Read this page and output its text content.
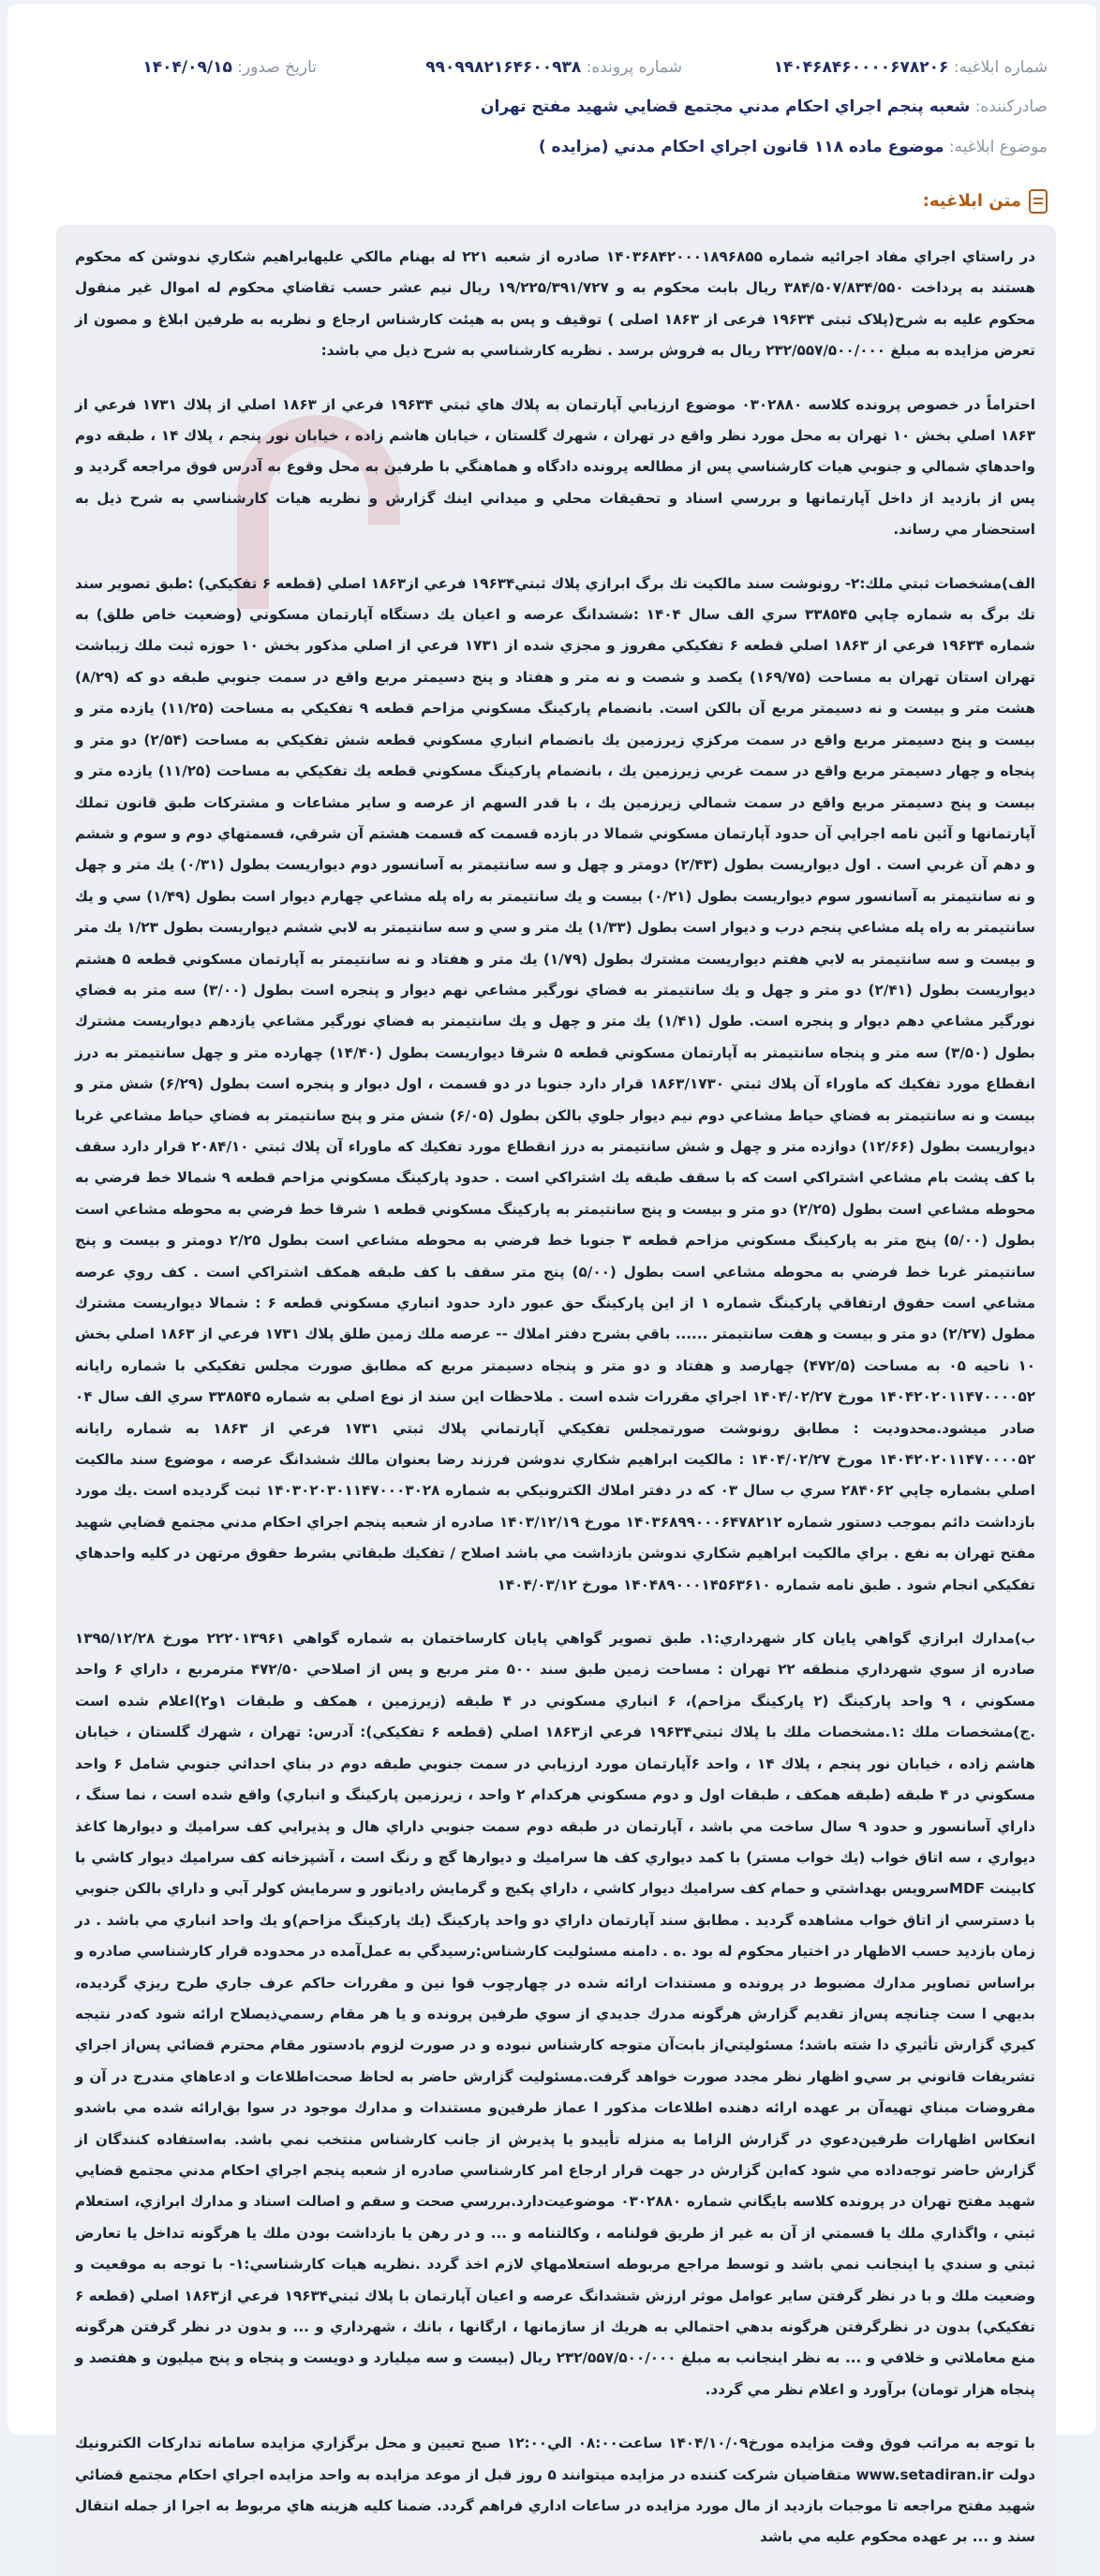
شماره ابلاغيه: ۱۴۰۴۶۸۴۶۰۰۰۰۶۷۸۲۰۶
شماره پرونده: ۹۹۰۹۹۸۲۱۶۴۶۰۰۹۳۸
تاريخ صدور: ۱۴۰۴/۰۹/۱۵
صادركننده: شعبه پنجم اجراي احكام مدني مجتمع قضايي شهيد مفتح تهران
موضوع ابلاغيه: موضوع ماده ۱۱۸ قانون اجراي احكام مدني (مزايده )
متن ابلاغيه:

در راستاي اجراي مفاد اجرائيه شماره ۱۴۰۳۶۸۴۲۰۰۰۱۸۹۶۸۵۵ صادره از شعبه ۲۲۱ له بهنام مالكي عليهابراهيم شكاري ندوشن كه محكوم هستند به پرداخت ۳۸۴/۵۰۷/۸۳۴/۵۵۰ ريال بابت محكوم به و ۱۹/۲۲۵/۳۹۱/۷۲۷ ريال نيم عشر حسب تقاضاي محكوم له اموال غير منقول محكوم عليه به شرح(پلاک ثبتی ۱۹۶۳۴ فرعی از ۱۸۶۳ اصلی ) توقيف و پس به هيئت كارشناس ارجاع و نظريه به طرفين ابلاغ و مصون از تعرض مزايده به مبلغ ۲۳۲/۵۵۷/۵۰۰/۰۰۰ ريال به فروش برسد . نظريه كارشناسي به شرح ذيل مي باشد:

احتراماً در خصوص پرونده كلاسه ۰۳۰۲۸۸۰ موضوع ارزيابي آپارتمان به پلاك هاي ثبتي ۱۹۶۳۴ فرعي از ۱۸۶۳ اصلي از پلاك ۱۷۳۱ فرعي از ۱۸۶۳ اصلي بخش ۱۰ تهران به محل مورد نظر واقع در تهران ، شهرك گلستان ، خيابان هاشم زاده ، خيابان نور پنجم ، پلاك ۱۴ ، طبقه دوم واحدهاي شمالي و جنوبي هيات كارشناسي پس از مطالعه پرونده دادگاه و هماهنگي با طرفين به محل وقوع به آدرس فوق مراجعه گرديد و پس از بازديد از داخل آپارتمانها و بررسي اسناد و تحقيقات محلي و ميداني اينك گزارش و نظريه هيات كارشناسي به شرح ذيل به استحضار مي رساند.

الف)مشخصات ثبتي ملك:۲- رونوشت سند مالكيت تك برگ ابرازي پلاك ثبتي۱۹۶۳۴ فرعي از۱۸۶۳ اصلي (قطعه ۶ تفكيكي) :طبق تصوير سند تك برگ به شماره چاپي ۳۳۸۵۴۵ سري الف سال ۱۴۰۴ :ششدانگ عرصه و اعيان يك دستگاه آپارتمان مسكوني (وضعيت خاص طلق) به شماره ۱۹۶۳۴ فرعي از ۱۸۶۳ اصلي قطعه ۶ تفكيكي مفروز و مجزي شده از ۱۷۳۱ فرعي از اصلي مذكور بخش ۱۰ حوزه ثبت ملك زيباشت تهران استان تهران به مساحت (۱۶۹/۷۵) يكصد و شصت و نه متر و هفتاد و پنج دسيمتر مربع واقع در سمت جنوبي طبقه دو كه (۸/۲۹) هشت متر و بيست و نه دسيمتر مربع آن بالكن است. بانضمام پاركينگ مسكوني مزاحم قطعه ۹ تفكيكي به مساحت (۱۱/۲۵) يازده متر و بيست و پنج دسيمتر مربع واقع در سمت مركزي زيرزمين يك بانضمام انباري مسكوني قطعه شش تفكيكي به مساحت (۲/۵۴) دو متر و پنجاه و چهار دسيمتر مربع واقع در سمت غربي زيرزمين يك ، بانضمام پاركينگ مسكوني قطعه يك تفكيكي به مساحت (۱۱/۲۵) يازده متر و بيست و پنج دسيمتر مربع واقع در سمت شمالي زيرزمين يك ، با قدر السهم از عرصه و ساير مشاعات و مشتركات طبق قانون تملك آپارتمانها و آئين نامه اجرايي آن حدود آپارتمان مسكوني شمالا در بازده قسمت كه قسمت هشتم آن شرقي، قسمتهاي دوم و سوم و ششم و دهم آن غربي است . اول ديواريست بطول (۲/۴۳) دومتر و چهل و سه سانتيمتر به آسانسور دوم ديواريست بطول (۰/۳۱) يك متر و چهل و نه سانتيمتر به آسانسور سوم ديواريست بطول (۰/۲۱) بيست و يك سانتيمتر به راه پله مشاعي چهارم ديوار است بطول (۱/۴۹) سي و يك سانتيمتر به راه پله مشاعي پنجم درب و ديوار است بطول (۱/۳۳) يك متر و سي و سه سانتيمتر به لابي ششم ديواريست بطول ۱/۲۳ يك متر و بيست و سه سانتيمتر به لابي هفتم ديواريست مشترك بطول (۱/۷۹) يك متر و هفتاد و نه سانتيمتر به آپارتمان مسكوني قطعه ۵ هشتم ديواريست بطول (۲/۴۱) دو متر و چهل و يك سانتيمتر به فضاي نورگير مشاعي نهم ديوار و پنجره است بطول (۳/۰۰) سه متر به فضاي نورگير مشاعي دهم ديوار و پنجره است. طول (۱/۴۱) يك متر و چهل و يك سانتيمتر به فضاي نورگير مشاعي يازدهم ديواريست مشترك بطول (۳/۵۰) سه متر و پنجاه سانتيمتر به آپارتمان مسكوني قطعه ۵ شرقا ديواريست بطول (۱۴/۴۰) چهارده متر و چهل سانتيمتر به درز انقطاع مورد تفكيك كه ماوراء آن پلاك ثبتي ۱۸۶۳/۱۷۳۰ قرار دارد جنوبا در دو قسمت ، اول ديوار و پنجره است بطول (۶/۲۹) شش متر و بيست و نه سانتيمتر به فضاي حياط مشاعي دوم نيم ديوار جلوي بالكن بطول (۶/۰۵) شش متر و پنج سانتيمتر به فضاي حياط مشاعي غربا ديواريست بطول (۱۲/۶۶) دوازده متر و چهل و شش سانتيمتر به درز انقطاع مورد تفكيك كه ماوراء آن پلاك ثبتي ۲۰۸۴/۱۰ قرار دارد سقف با كف پشت بام مشاعي اشتراكي است كه با سقف طبقه يك اشتراكي است . حدود پاركينگ مسكوني مزاحم قطعه ۹ شمالا خط فرضي به محوطه مشاعي است بطول (۲/۲۵) دو متر و بيست و پنج سانتيمتر به پاركينگ مسكوني قطعه ۱ شرقا خط فرضي به محوطه مشاعي است بطول (۵/۰۰) پنج متر به پاركينگ مسكوني مزاحم قطعه ۳ جنوبا خط فرضي به محوطه مشاعي است بطول ۲/۲۵ دومتر و بيست و پنج سانتيمتر غربا خط فرضي به محوطه مشاعي است بطول (۵/۰۰) پنج متر سقف با كف طبقه همكف اشتراكي است . كف روي عرصه مشاعي است حقوق ارتفاقي پاركينگ شماره ۱ از اين پاركينگ حق عبور دارد حدود انباري مسكوني قطعه ۶ : شمالا ديواريست مشترك مطول (۲/۲۷) دو متر و بيست و هفت سانتيمتر ...... باقي بشرح دفتر املاك -- عرصه ملك زمين طلق پلاك ۱۷۳۱ فرعي از ۱۸۶۳ اصلي بخش ۱۰ ناحيه ۰۵ به مساحت (۴۷۲/۵) چهارصد و هفتاد و دو متر و پنجاه دسيمتر مربع كه مطابق صورت مجلس تفكيكي با شماره رايانه ۱۴۰۴۲۰۲۰۱۱۴۷۰۰۰۰۵۲ مورخ ۱۴۰۴/۰۲/۲۷ اجراي مقررات شده است . ملاحظات اين سند از نوع اصلي به شماره ۳۳۸۵۴۵ سري الف سال ۰۴ صادر ميشود.محدوديت : مطابق رونوشت صورتمجلس تفكيكي آپارتماني پلاك ثبتي ۱۷۳۱ فرعي از ۱۸۶۳ به شماره رايانه ۱۴۰۴۲۰۲۰۱۱۴۷۰۰۰۰۵۲ مورخ ۱۴۰۴/۰۲/۲۷ : مالكيت ابراهيم شكاري ندوشن فرزند رضا بعنوان مالك ششدانگ عرصه ، موضوع سند مالكيت اصلي بشماره چاپي ۲۸۴۰۶۲ سري ب سال ۰۳ كه در دفتر املاك الكترونيكي به شماره ۱۴۰۳۰۲۰۳۰۱۱۴۷۰۰۰۳۰۲۸ ثبت گرديده است .يك مورد بازداشت دائم بموجب دستور شماره ۱۴۰۳۶۸۹۹۰۰۰۶۴۷۸۲۱۲ مورخ ۱۴۰۳/۱۲/۱۹ صادره از شعبه پنجم اجراي احكام مدني مجتمع قضايي شهيد مفتح تهران به نفع . براي مالكيت ابراهيم شكاري ندوشن بازداشت مي باشد اصلاح / تفكيك طبقاتي بشرط حقوق مرتهن در كليه واحدهاي تفكيكي انجام شود . طبق نامه شماره ۱۴۰۴۸۹۰۰۰۱۴۵۶۳۶۱۰ مورخ ۱۴۰۴/۰۳/۱۲

ب)مدارك ابرازي گواهي پايان كار شهرداري:۱. طبق تصوير گواهي پايان كارساختمان به شماره گواهي ۲۲۲۰۱۳۹۶۱ مورخ ۱۳۹۵/۱۲/۲۸ صادره از سوي شهرداري منطقه ۲۲ تهران : مساحت زمين طبق سند ۵۰۰ متر مربع و پس از اصلاحي ۴۷۲/۵۰ مترمربع ، داراي ۶ واحد مسكوني ، ۹ واحد پاركينگ (۲ پاركينگ مزاحم)، ۶ انباري مسكوني در ۴ طبقه (زيرزمين ، همكف و طبقات ۱و۲)اعلام شده است .ج)مشخصات ملك :۱.مشخصات ملك با پلاك ثبتي۱۹۶۳۴ فرعي از۱۸۶۳ اصلي (قطعه ۶ تفكيكي): آدرس: تهران ، شهرك گلستان ، خيابان هاشم زاده ، خيابان نور پنجم ، پلاك ۱۴ ، واحد ۶آپارتمان مورد ارزيابي در سمت جنوبي طبقه دوم در بناي احداثي جنوبي شامل ۶ واحد مسكوني در ۴ طبقه (طبقه همكف ، طبقات اول و دوم مسكوني هركدام ۲ واحد ، زيرزمين پاركينگ و انباري) واقع شده است ، نما سنگ ، داراي آسانسور و حدود ۹ سال ساخت مي باشد ، آپارتمان در طبقه دوم سمت جنوبي داراي هال و پذيرايي كف سراميك و ديوارها كاغذ ديواري ، سه اتاق خواب (يك خواب مستر) با كمد ديواري كف ها سراميك و ديوارها گچ و رنگ است ، آشپزخانه كف سراميك ديوار كاشي با كابينت MDFسرويس بهداشتي و حمام كف سراميك ديوار كاشي ، داراي پكيج و گرمايش رادياتور و سرمايش كولر آبي و داراي بالكن جنوبي با دسترسي از اتاق خواب مشاهده گرديد . مطابق سند آپارتمان داراي دو واحد پاركينگ (يك پاركينگ مزاحم)و يك واحد انباري مي باشد . در زمان بازديد حسب الاظهار در اختيار محكوم له بود .ه . دامنه مسئوليت كارشناس:رسيدگي به عمل‌آمده در محدوده قرار كارشناسي صادره و براساس تصاوير مدارك مضبوط در پرونده و مستندات ارائه شده در چهارچوب قوا نين و مقررات حاكم عرف جاري طرح ريزي گرديده، بديهي ا ست چنانچه پس‌از تقديم گزارش هرگونه مدرك جديدي از سوي طرفين پرونده و يا هر مقام رسمي‌ذيصلاح ارائه شود كه‌در نتيجه كيري گزارش تأثيري دا شته باشد؛ مسئوليتي‌از بابت‌آن متوجه كارشناس نبوده و در صورت لزوم بادستور مقام محترم قضائي پس‌از اجراي تشريفات قانوني بر سي‌و اظهار نظر مجدد صورت خواهد گرفت.مسئوليت گزارش حاضر به لحاظ صحت‌اطلاعات و ادعاهاي مندرج در آن و مفروضات مبناي تهيه‌آن بر عهده ارائه دهنده اطلاعات مذكور ا عماز طرفين‌و مستندات و مدارك موجود در سوا بق‌ارائه شده مي باشدو انعكاس اظهارات طرفين‌دعوي در گزارش الزاما به منزله تأييدو يا پذيرش از جانب كارشناس منتخب نمي باشد. به‌استفاده كنندگان از گزارش حاضر توجه‌داده مي شود كه‌اين گزارش در جهت قرار ارجاع امر كارشناسي صادره از شعبه پنجم اجراي احكام مدني مجتمع قضايي شهيد مفتح تهران در پرونده كلاسه بايگاني شماره ۰۳۰۲۸۸۰ موضوعيت‌دارد.بررسي صحت و سقم و اصالت اسناد و مدارك ابرازي، استعلام ثبتي ، واگذاري ملك يا قسمتي از آن به غير از طريق قولنامه ، وكالتنامه و ... و در رهن يا بازداشت بودن ملك يا هرگونه تداخل يا تعارض ثبتي و سندي يا اينجانب نمي باشد و توسط مراجع مربوطه استعلامهاي لازم اخذ گردد .نظريه هيات كارشناسي:۱- با توجه به موقعيت و وضعيت ملك و با در نظر گرفتن ساير عوامل موثر ارزش ششدانگ عرصه و اعيان آپارتمان با پلاك ثبتي۱۹۶۳۴ فرعي از۱۸۶۳ اصلي (قطعه ۶ تفكيكي) بدون در نظرگرفتن هرگونه بدهي احتمالي به هريك از سازمانها ، ارگانها ، بانك ، شهرداري و ... و بدون در نظر گرفتن هرگونه منع معاملاتي و خلافي و ... به نظر اينجانب به مبلغ ۲۳۲/۵۵۷/۵۰۰/۰۰۰ ريال (بيست و سه ميليارد و دويست و پنجاه و پنج ميليون و هفتصد و پنجاه هزار تومان) برآورد و اعلام نظر مي گردد.

با توجه به مراتب فوق وقت مزايده مورخ۱۴۰۴/۱۰/۰۹ ساعت۰۸:۰۰ الي۱۲:۰۰ صبح تعيين و محل برگزاري مزايده سامانه تداركات الكترونيك دولت www.setadiran.ir متقاضيان شركت كننده در مزايده ميتوانند ۵ روز قبل از موعد مزايده به واحد مزايده اجراي احكام مجتمع قضائي شهيد مفتح مراجعه تا موجبات بازديد از مال مورد مزايده در ساعات اداري فراهم گردد. ضمنا كليه هزينه هاي مربوط به اجرا از جمله انتقال سند و ... بر عهده محكوم عليه مي باشد
